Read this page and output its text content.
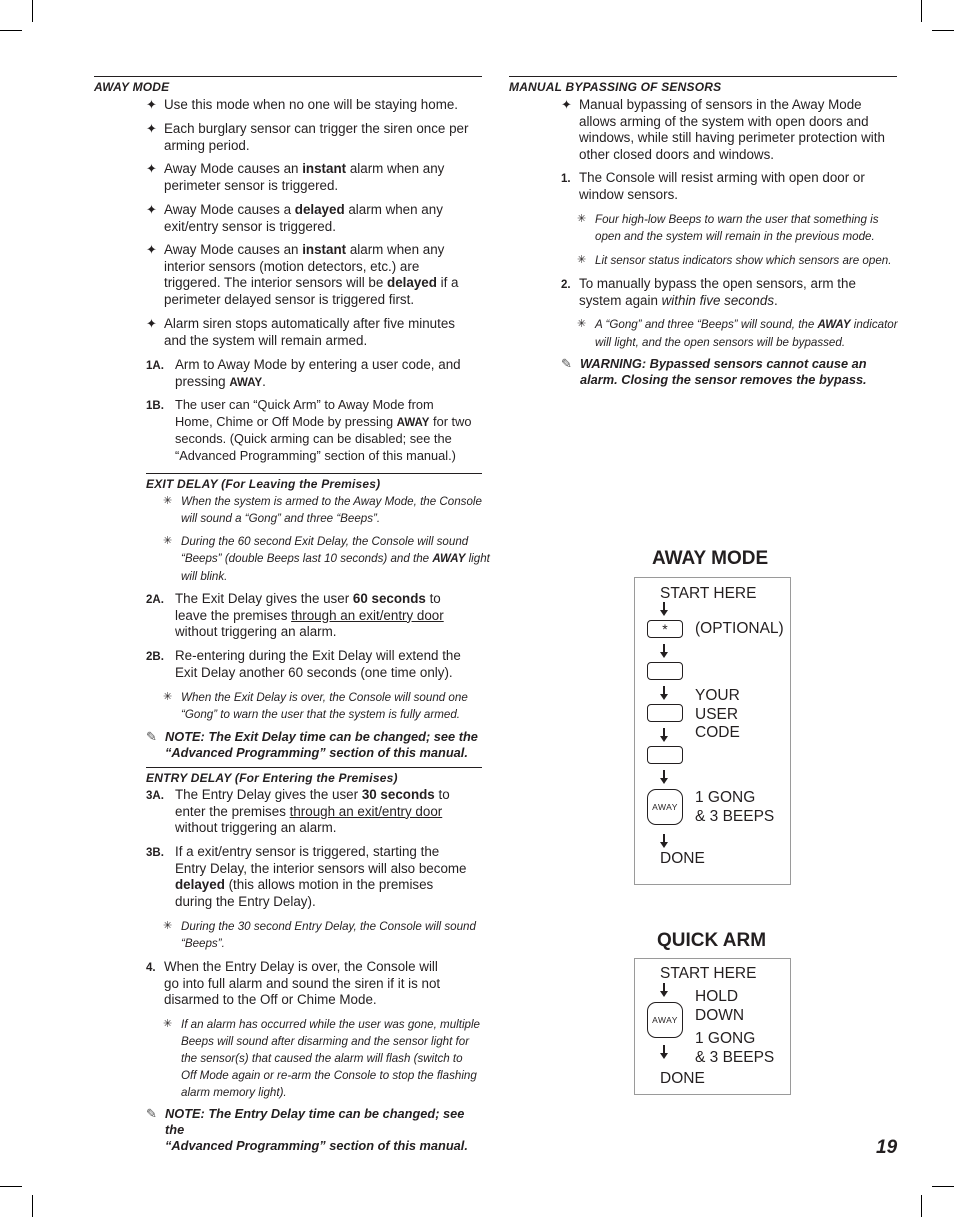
AWAY MODE
✦ Use this mode when no one will be staying home.
✦ Each burglary sensor can trigger the siren once per arming period.
✦ Away Mode causes an instant alarm when any
perimeter sensor is triggered.
✦ Away Mode causes a delayed alarm when any
exit/entry sensor is triggered.
✦ Away Mode causes an instant alarm when any
interior sensors (motion detectors, etc.) are
triggered. The interior sensors will be delayed if a
perimeter delayed sensor is triggered first.
✦ Alarm siren stops automatically after five minutes and the system will remain armed.
1A. Arm to Away Mode by entering a user code, and
pressing AWAY.
1B. The user can “Quick Arm” to Away Mode from
Home, Chime or Off Mode by pressing AWAY for two
seconds. (Quick arming can be disabled; see the
“Advanced Programming” section of this manual.)
EXIT DELAY (For Leaving the Premises)
✳ When the system is armed to the Away Mode, the Console
will sound a “Gong” and three “Beeps”.
✳ During the 60 second Exit Delay, the Console will sound
“Beeps” (double Beeps last 10 seconds) and the AWAY light
will blink.
2A. The Exit Delay gives the user 60 seconds to
leave the premises through an exit/entry door
without triggering an alarm.
2B. Re-entering during the Exit Delay will extend the
Exit Delay another 60 seconds (one time only).
✳ When the Exit Delay is over, the Console will sound one
“Gong” to warn the user that the system is fully armed.
✎ NOTE: The Exit Delay time can be changed; see the
“Advanced Programming” section of this manual.
ENTRY DELAY (For Entering the Premises)
3A. The Entry Delay gives the user 30 seconds to
enter the premises through an exit/entry door
without triggering an alarm.
3B. If a exit/entry sensor is triggered, starting the
Entry Delay, the interior sensors will also become
delayed (this allows motion in the premises
during the Entry Delay).
✳ During the 30 second Entry Delay, the Console will sound
“Beeps”.
4. When the Entry Delay is over, the Console will
go into full alarm and sound the siren if it is not
disarmed to the Off or Chime Mode.
✳ If an alarm has occurred while the user was gone, multiple
Beeps will sound after disarming and the sensor light for
the sensor(s) that caused the alarm will flash (switch to
Off Mode again or re-arm the Console to stop the flashing
alarm memory light).
✎ NOTE: The Entry Delay time can be changed; see the
“Advanced Programming” section of this manual.
MANUAL BYPASSING OF SENSORS
✦ Manual bypassing of sensors in the Away Mode
allows arming of the system with open doors and
windows, while still having perimeter protection with
other closed doors and windows.
1. The Console will resist arming with open door or
window sensors.
✳ Four high-low Beeps to warn the user that something is
open and the system will remain in the previous mode.
✳ Lit sensor status indicators show which sensors are open.
2. To manually bypass the open sensors, arm the
system again within five seconds.
✳ A “Gong” and three “Beeps” will sound, the AWAY indicator
will light, and the open sensors will be bypassed.
✎ WARNING: Bypassed sensors cannot cause an
alarm. Closing the sensor removes the bypass.
AWAY MODE
START HERE
*	(OPTIONAL)
YOUR
USER
CODE
AWAY
1 GONG
& 3 BEEPS
DONE
QUICK ARM
START HERE
HOLD
DOWN
AWAY
1 GONG
& 3 BEEPS
DONE
19
